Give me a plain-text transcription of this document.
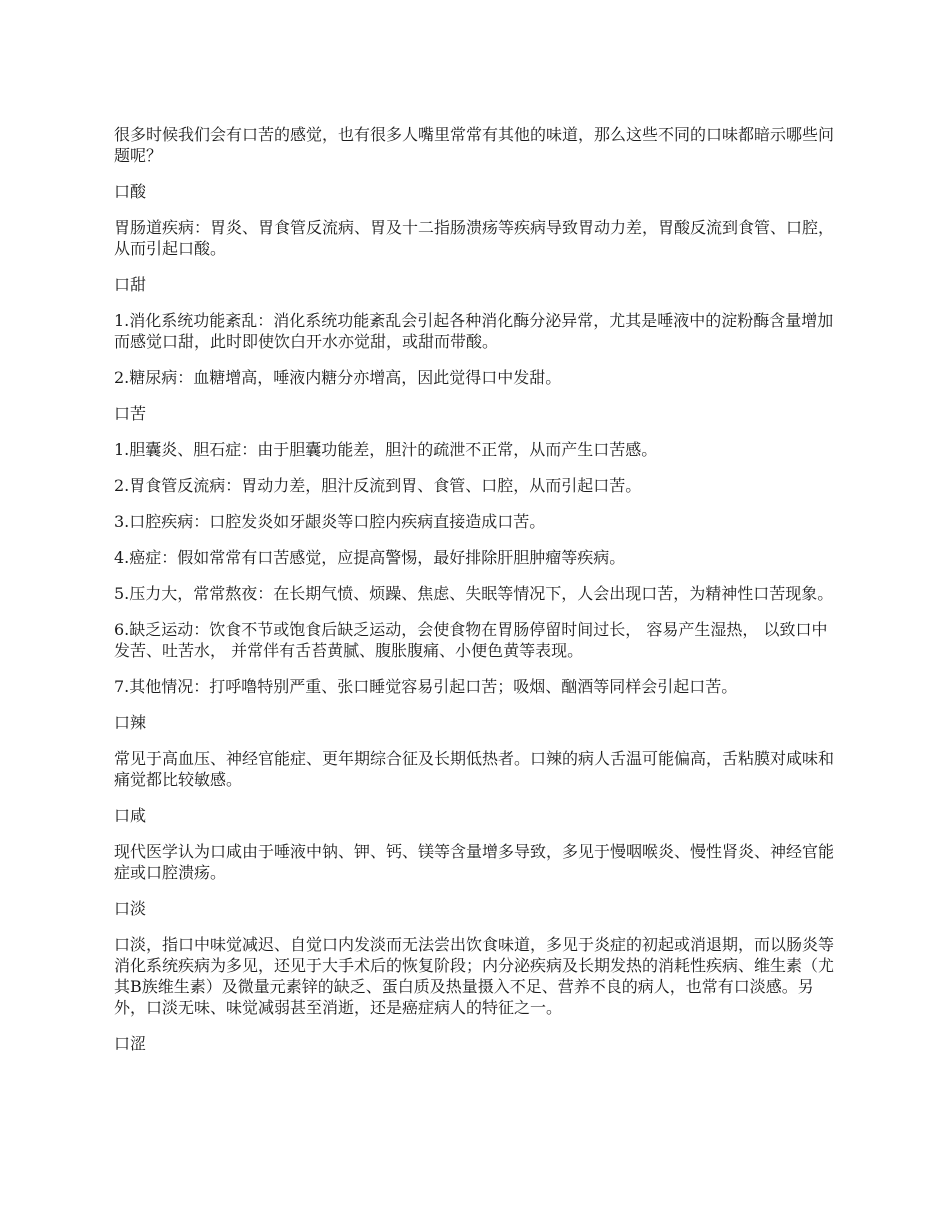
很多时候我们会有口苦的感觉，也有很多人嘴里常常有其他的味道，那么这些不同的口味都暗示哪些问题呢？

口酸

胃肠道疾病：胃炎、胃食管反流病、胃及十二指肠溃疡等疾病导致胃动力差，胃酸反流到食管、口腔，从而引起口酸。

口甜

1.消化系统功能紊乱：消化系统功能紊乱会引起各种消化酶分泌异常，尤其是唾液中的淀粉酶含量增加而感觉口甜，此时即使饮白开水亦觉甜，或甜而带酸。

2.糖尿病：血糖增高，唾液内糖分亦增高，因此觉得口中发甜。

口苦

1.胆囊炎、胆石症：由于胆囊功能差，胆汁的疏泄不正常，从而产生口苦感。

2.胃食管反流病：胃动力差，胆汁反流到胃、食管、口腔，从而引起口苦。

3.口腔疾病：口腔发炎如牙龈炎等口腔内疾病直接造成口苦。

4.癌症：假如常常有口苦感觉，应提高警惕，最好排除肝胆肿瘤等疾病。

5.压力大，常常熬夜：在长期气愤、烦躁、焦虑、失眠等情况下，人会出现口苦，为精神性口苦现象。

6.缺乏运动：饮食不节或饱食后缺乏运动，会使食物在胃肠停留时间过长， 容易产生湿热， 以致口中发苦、吐苦水， 并常伴有舌苔黄腻、腹胀腹痛、小便色黄等表现。

7.其他情况：打呼噜特别严重、张口睡觉容易引起口苦；吸烟、酗酒等同样会引起口苦。

口辣

常见于高血压、神经官能症、更年期综合征及长期低热者。口辣的病人舌温可能偏高，舌粘膜对咸味和痛觉都比较敏感。

口咸

现代医学认为口咸由于唾液中钠、钾、钙、镁等含量增多导致，多见于慢咽喉炎、慢性肾炎、神经官能症或口腔溃疡。

口淡

口淡，指口中味觉减迟、自觉口内发淡而无法尝出饮食味道，多见于炎症的初起或消退期，而以肠炎等消化系统疾病为多见，还见于大手术后的恢复阶段；内分泌疾病及长期发热的消耗性疾病、维生素（尤其B族维生素）及微量元素锌的缺乏、蛋白质及热量摄入不足、营养不良的病人，也常有口淡感。另外，口淡无味、味觉减弱甚至消逝，还是癌症病人的特征之一。

口涩
